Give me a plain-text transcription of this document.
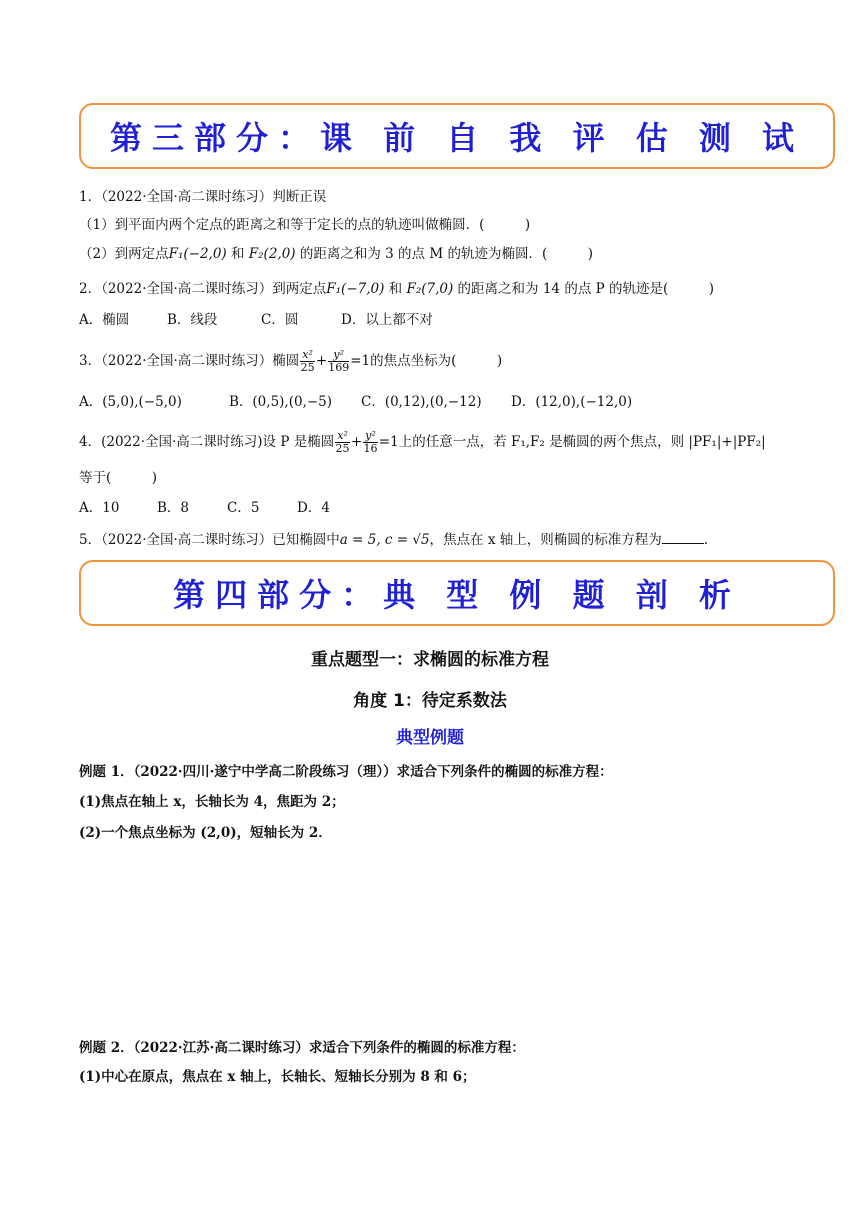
第三部分：课 前 自 我 评 估 测 试
1．（2022·全国·高二课时练习）判断正误
（1）到平面内两个定点的距离之和等于定长的点的轨迹叫做椭圆．(　　　)
（2）到两定点F₁(−2,0) 和 F₂(2,0) 的距离之和为 3 的点 M 的轨迹为椭圆．(　　　)
2．（2022·全国·高二课时练习）到两定点F₁(−7,0) 和 F₂(7,0) 的距离之和为 14 的点 P 的轨迹是(　　　)
A．椭圆	B．线段	C．圆	D．以上都不对
3．（2022·全国·高二课时练习）椭圆 $\frac{\text{x²}}{25} + \frac{\text{y²}}{169} =1$的焦点坐标为(　　　)
A．(5,0),(−5,0)	B．(0,5),(0,−5) C．(0,12),(0,−12) D．(12,0),(−12,0)
4．(2022·全国·高二课时练习)设 P 是椭圆 $\frac{\text{x²}}{25} + \frac{\text{y²}}{16} =1$上的任意一点，若 F₁,F₂ 是椭圆的两个焦点，则 |PF₁|+|PF₂|
等于(　　　)
A．10	B．8	C．5	D．4
5．（2022·全国·高二课时练习）已知椭圆中a = 5, c = √5，焦点在 x 轴上，则椭圆的标准方程为	.
第四部分：典 型 例 题 剖 析
重点题型一：求椭圆的标准方程
角度 1：待定系数法
典型例题
例题 1．（2022·四川·遂宁中学高二阶段练习（理））求适合下列条件的椭圆的标准方程：
(1)焦点在轴上 x，长轴长为 4，焦距为 2；
(2)一个焦点坐标为 (2,0)，短轴长为 2．
例题 2．（2022·江苏·高二课时练习）求适合下列条件的椭圆的标准方程：
(1)中心在原点，焦点在 x 轴上，长轴长、短轴长分别为 8 和 6；
